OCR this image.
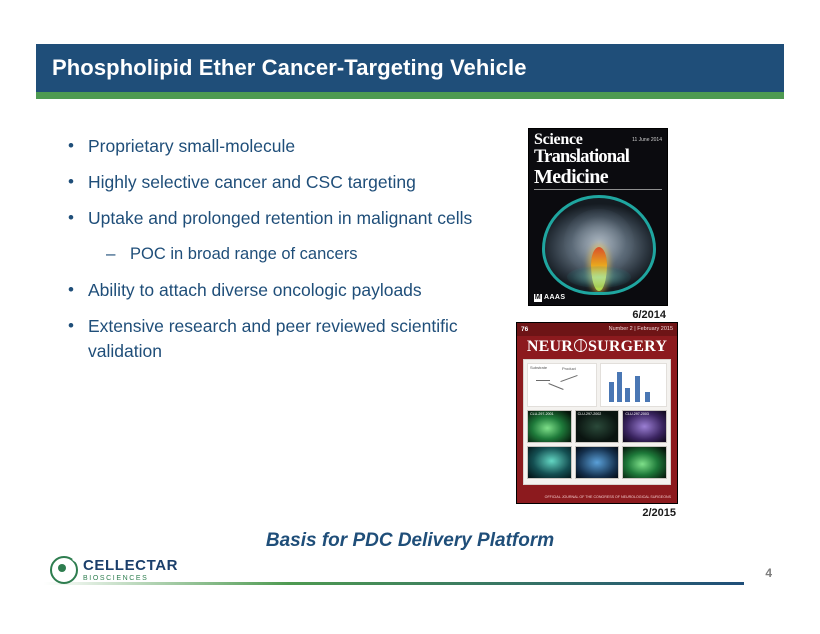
Phospholipid Ether Cancer-Targeting Vehicle
• Proprietary small-molecule
• Highly selective cancer and CSC targeting
• Uptake and prolonged retention in malignant cells
– POC in broad range of cancers
• Ability to attach diverse oncologic payloads
• Extensive research and peer reviewed scientific validation
Science	11 June 2014
Translational
Medicine
M AAAS
6/2014
76	Number 2 | February 2015
NEUR SURGERY
Substrate	Product
CLU-297-2001	CLU-297-2002	CLU-297-2003
OFFICIAL JOURNAL OF THE CONGRESS OF NEUROLOGICAL SURGEONS
2/2015
Basis for PDC Delivery Platform
CELLECTAR
BIOSCIENCES	4
